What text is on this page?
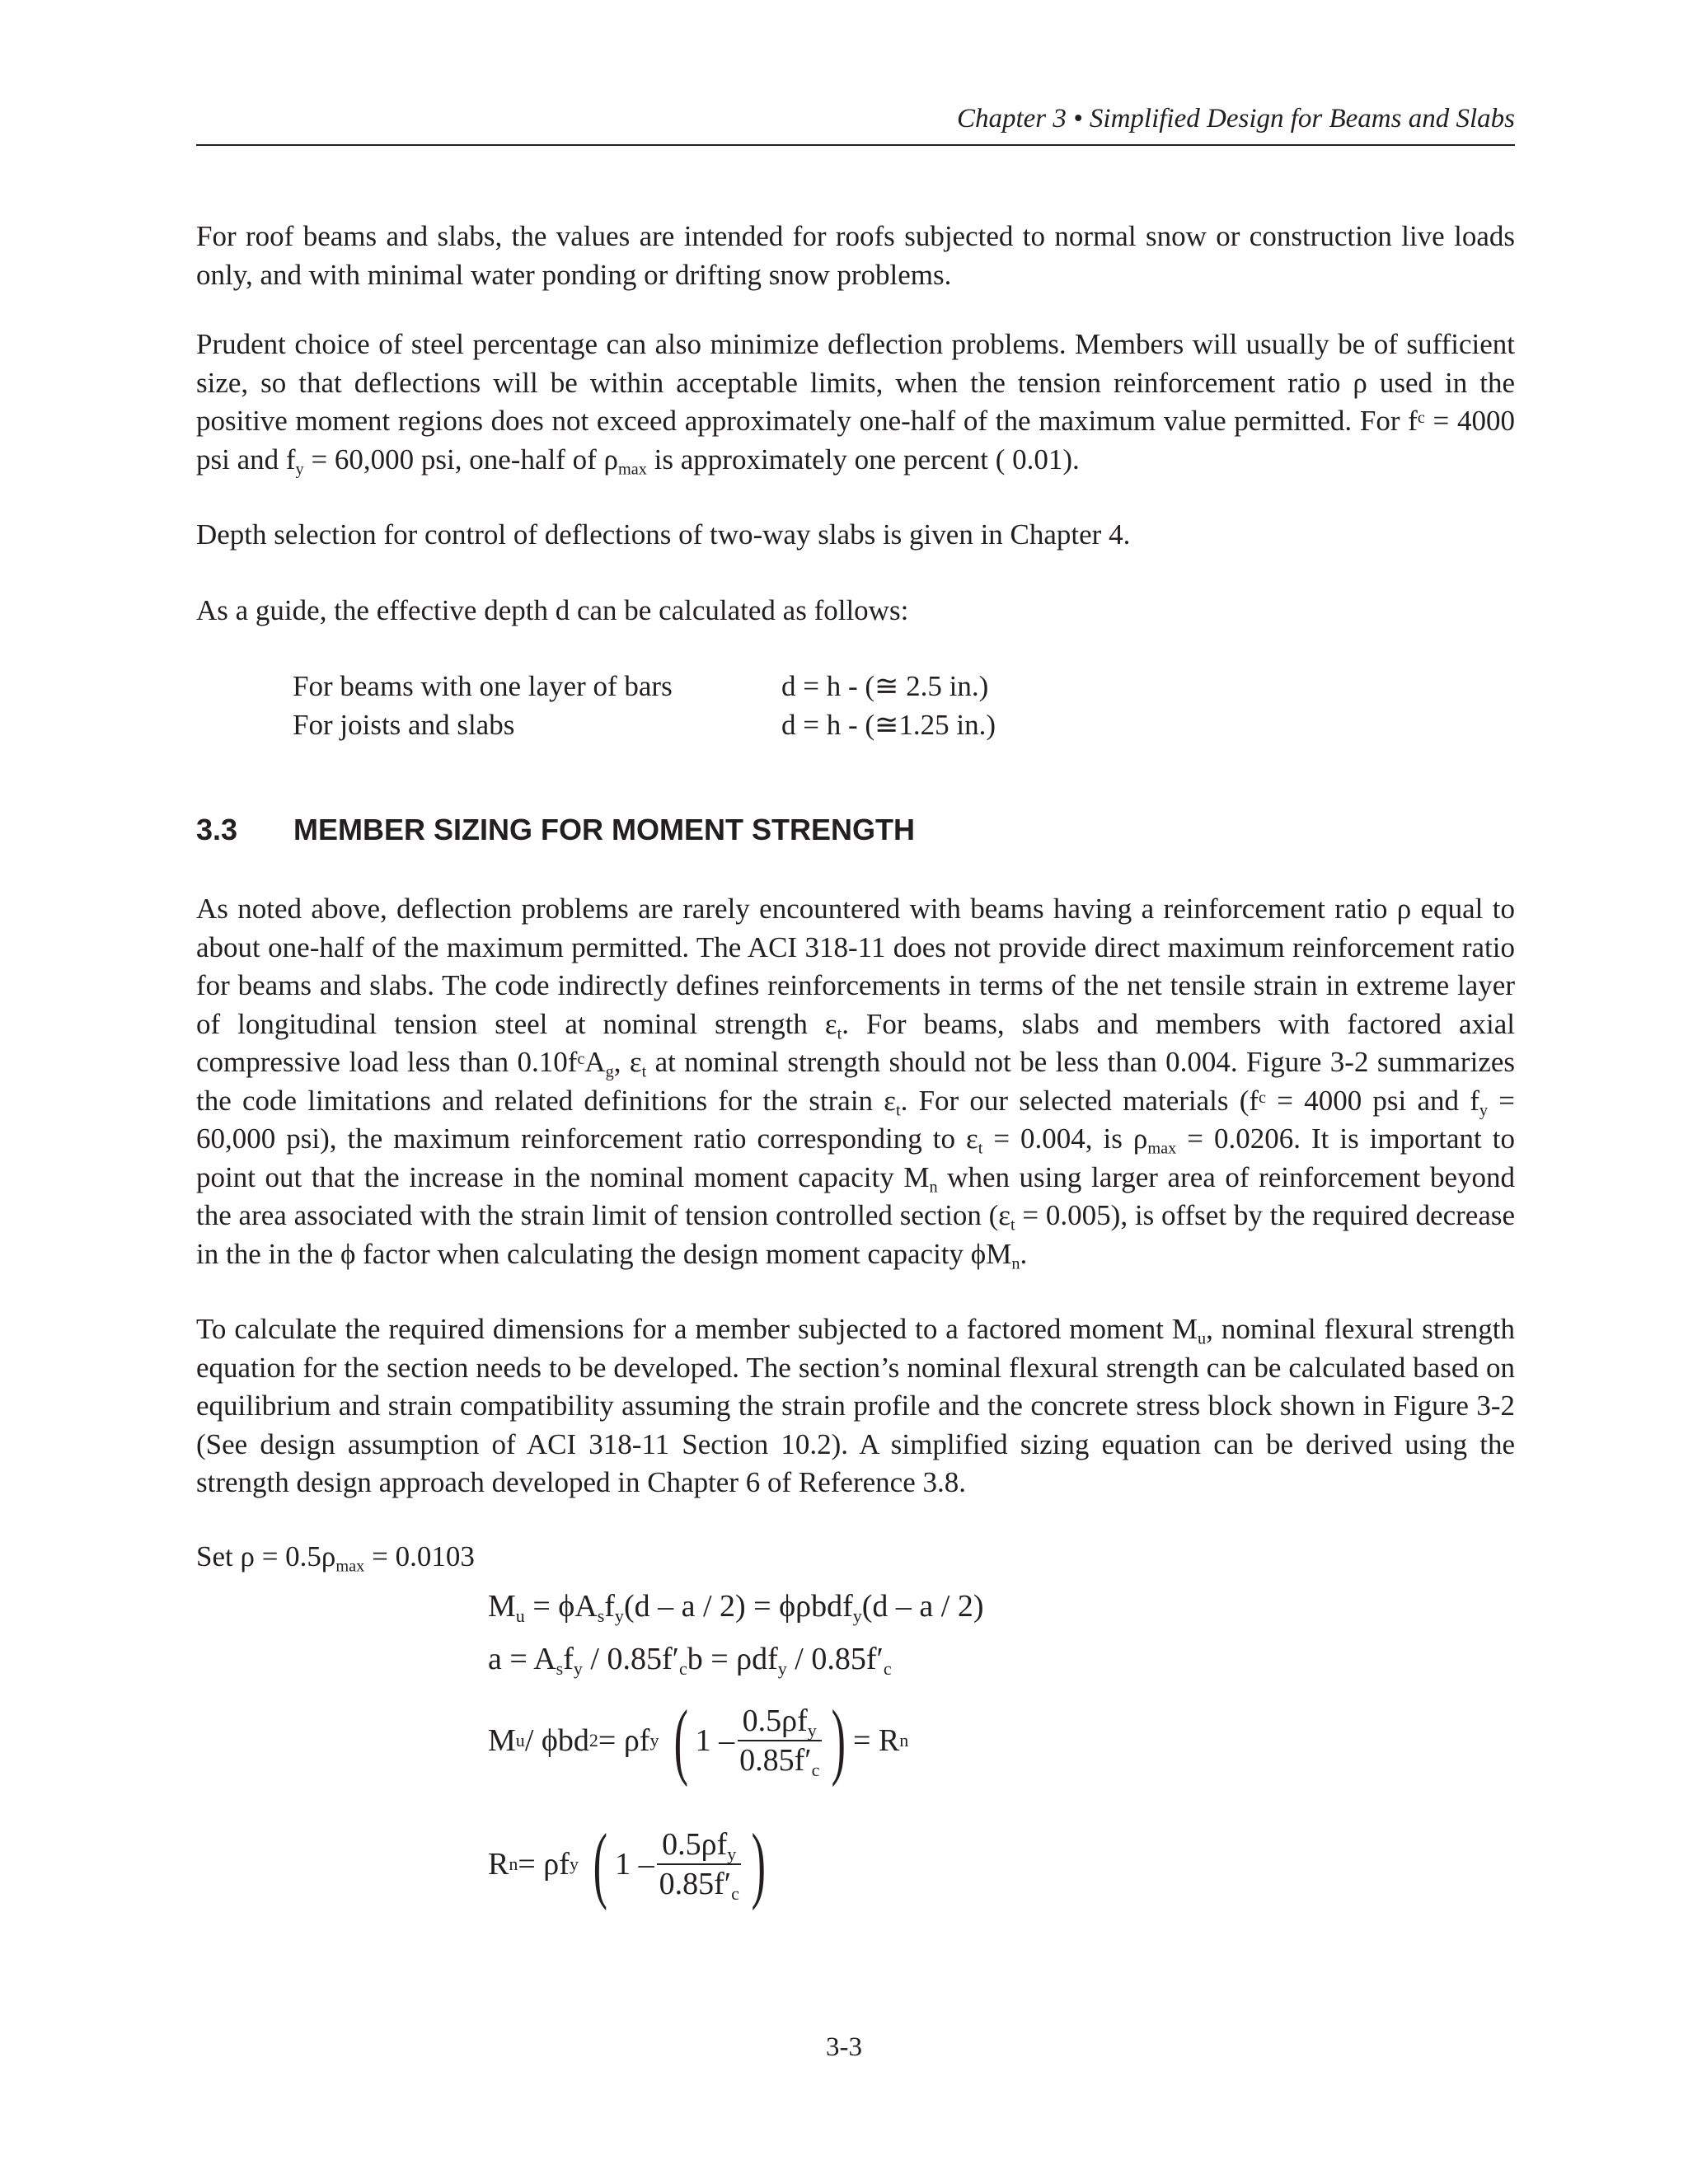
Chapter 3 • Simplified Design for Beams and Slabs

For roof beams and slabs, the values are intended for roofs subjected to normal snow or construction live loads only, and with minimal water ponding or drifting snow problems.

Prudent choice of steel percentage can also minimize deflection problems. Members will usually be of sufficient size, so that deflections will be within acceptable limits, when the tension reinforcement ratio ρ used in the positive moment regions does not exceed approximately one-half of the maximum value permitted. For $f^c = 4000$ psi and $f_y = 60,000$ psi, one-half of $\rho_{max}$ is approximately one percent ( 0.01).

Depth selection for control of deflections of two-way slabs is given in Chapter 4.

As a guide, the effective depth d can be calculated as follows:

For beams with one layer of bars	d = h - (≅ 2.5 in.)
For joists and slabs	d = h - (≅1.25 in.)
3.3 MEMBER SIZING FOR MOMENT STRENGTH

As noted above, deflection problems are rarely encountered with beams having a reinforcement ratio ρ equal to about one-half of the maximum permitted. The ACI 318-11 does not provide direct maximum reinforcement ratio for beams and slabs. The code indirectly defines reinforcements in terms of the net tensile strain in extreme layer of longitudinal tension steel at nominal strength $\varepsilon_t$. For beams, slabs and members with factored axial compressive load less than $0.10f^cA_g$, $\varepsilon_t$ at nominal strength should not be less than 0.004. Figure 3-2 summarizes the code limitations and related definitions for the strain $\varepsilon_t$. For our selected materials ($f^c = 4000$ psi and $f_y = 60,000$ psi), the maximum reinforcement ratio corresponding to $\varepsilon_t = 0.004$, is $\rho_{max} = 0.0206$. It is important to point out that the increase in the nominal moment capacity $M_n$ when using larger area of reinforcement beyond the area associated with the strain limit of tension controlled section $(\varepsilon_t = 0.005)$, is offset by the required decrease in the in the ϕ factor when calculating the design moment capacity $\phi M_n$.

To calculate the required dimensions for a member subjected to a factored moment $M_u$, nominal flexural strength equation for the section needs to be developed. The section’s nominal flexural strength can be calculated based on equilibrium and strain compatibility assuming the strain profile and the concrete stress block shown in Figure 3-2 (See design assumption of ACI 318-11 Section 10.2). A simplified sizing equation can be derived using the strength design approach developed in Chapter 6 of Reference 3.8.

Set $\rho = 0.5\rho_{max} = 0.0103$

$M_u = \phi A_sf_y(d - a / 2) = \phi\rho bdf_y(d - a / 2)$
$a = A_sf_y / 0.85f'_cb = \rho df_y / 0.85f'_c$
M u / ϕbd 2 = ρf y
( $1 - \frac{0.5\rho f_y}{0.85f'_c}$ ) = R n
R n = ρf y
( $1 - \frac{0.5\rho f_y}{0.85f'_c}$ )
3-3
